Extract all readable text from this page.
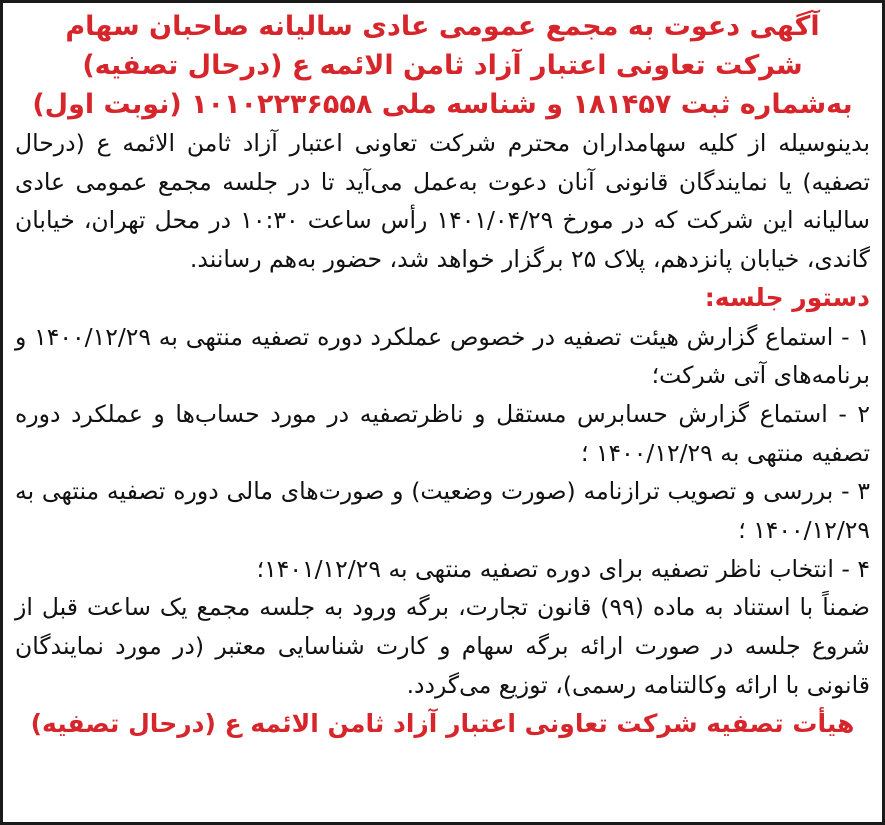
آگهی دعوت به مجمع عمومی عادی سالیانه صاحبان سهام
شرکت تعاونی اعتبار آزاد ثامن الائمه ع (درحال تصفیه)
به‌شماره ثبت ۱۸۱۴۵۷ و شناسه ملی ۱۰۱۰۲۲۳۶۵۵۸ (نوبت اول)

بدینوسیله از کلیه سهامداران محترم شرکت تعاونی اعتبار آزاد ثامن الائمه ع (درحال تصفیه) یا نمایندگان قانونی آنان دعوت به‌عمل می‌آید تا در جلسه مجمع عمومی عادی سالیانه این شرکت که در مورخ ۱۴۰۱/۰۴/۲۹ رأس ساعت ۱۰:۳۰ در محل تهران، خیابان گاندی، خیابان پانزدهم، پلاک ۲۵ برگزار خواهد شد، حضور به‌هم رسانند.

دستور جلسه:

۱ - استماع گزارش هیئت تصفیه در خصوص عملکرد دوره تصفیه منتهی به ۱۴۰۰/۱۲/۲۹ و برنامه‌های آتی شرکت؛

۲ - استماع گزارش حسابرس مستقل و ناظرتصفیه در مورد حساب‌ها و عملکرد دوره تصفیه منتهی به ۱۴۰۰/۱۲/۲۹ ؛

۳ - بررسی و تصویب ترازنامه (صورت وضعیت) و صورت‌های مالی دوره تصفیه منتهی به ۱۴۰۰/۱۲/۲۹ ؛

۴ - انتخاب ناظر تصفیه برای دوره تصفیه منتهی به ۱۴۰۱/۱۲/۲۹؛

ضمناً با استناد به ماده (۹۹) قانون تجارت، برگه ورود به جلسه مجمع یک ساعت قبل از شروع جلسه در صورت ارائه برگه سهام و کارت شناسایی معتبر (در مورد نمایندگان قانونی با ارائه وکالتنامه رسمی)، توزیع می‌گردد.

هیأت تصفیه شرکت تعاونی اعتبار آزاد ثامن الائمه ع (درحال تصفیه)
